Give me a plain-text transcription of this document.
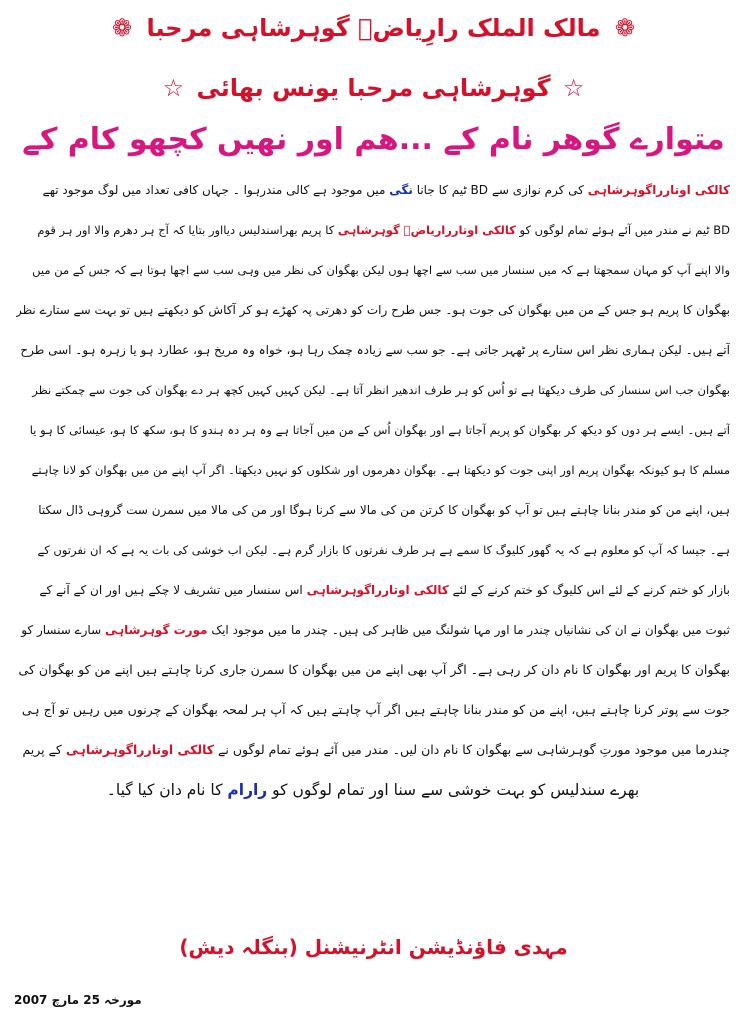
❁ مالک الملک رارِیاضؒ گوہرشاہی مرحبا ❁
☆ گوہرشاہی مرحبا یونس بھائی ☆
متوارے گوھر نام کے ...ھم اور نھیں کچھو کام کے
کالکی اوتارراگوہرشاہی کی کرم نوازی سے BD ٹیم کا جانا نگی میں موجود ہے کالی مندرہوا ۔ جہاں کافی تعداد میں لوگ موجود تھے
BD ٹیم نے مندر میں آئے ہوئے تمام لوگوں کو کالکی اوتارراریاضؒ گوہرشاہی کا پریم بھراسندلیس دیااور بتایا کہ آج ہر دھرم والا اور ہر قوم
والا اپنے آپ کو مہان سمجھتا ہے کہ میں سنسار میں سب سے اچھا ہوں لیکن بھگوان کی نظر میں وہی سب سے اچھا ہوتا ہے کہ جس کے من میں
بھگوان کا پریم ہو جس کے من میں بھگوان کی جوت ہو۔ جس طرح رات کو دھرتی پہ کھڑے ہو کر آکاش کو دیکھتے ہیں تو بہت سے ستارے نظر
آتے ہیں۔ لیکن ہماری نظر اس ستارے پر ٹھہر جاتی ہے۔ جو سب سے زیادہ چمک رہا ہو، خواہ وہ مریخ ہو، عطارد ہو یا زہرہ ہو۔ اسی طرح
بھگوان جب اس سنسار کی طرف دیکھتا ہے تو اُس کو ہر طرف اندھیر انظر آتا ہے۔ لیکن کہیں کہیں کچھ ہر دے بھگوان کی جوت سے چمکتے نظر
آتے ہیں۔ ایسے ہر دوں کو دیکھ کر بھگوان کو پریم آجاتا ہے اور بھگوان اُس کے من میں آجاتا ہے وہ ہر دہ ہندو کا ہو، سکھ کا ہو، عیسائی کا ہو یا
مسلم کا ہو کیونکہ بھگوان پریم اور اپنی جوت کو دیکھتا ہے۔ بھگوان دھرموں اور شکلوں کو نہیں دیکھتا۔ اگر آپ اپنے من میں بھگوان کو لانا چاہتے
ہیں، اپنے من کو مندر بنانا چاہتے ہیں تو آپ کو بھگوان کا کرتن من کی مالا سے کرنا ہوگا اور من کی مالا میں سمرن ست گروہی ڈال سکتا
ہے۔ جیسا کہ آپ کو معلوم ہے کہ یہ گھور کلیوگ کا سمے ہے ہر طرف نفرتوں کا بازار گرم ہے۔ لیکن اب خوشی کی بات یہ ہے کہ ان نفرتوں کے
بازار کو ختم کرنے کے لئے اس کلیوگ کو ختم کرنے کے لئے کالکی اوتارراگوہرشاہی اس سنسار میں تشریف لا چکے ہیں اور ان کے آنے کے
ثبوت میں بھگوان نے ان کی نشانیاں چندر ما اور مہا شولنگ میں ظاہر کی ہیں۔ چندر ما میں موجود ایک مورت گوہرشاہی سارے سنسار کو
بھگوان کا پریم اور بھگوان کا نام دان کر رہی ہے۔ اگر آپ بھی اپنے من میں بھگوان کا سمرن جاری کرنا چاہتے ہیں اپنے من کو بھگوان کی
جوت سے پوتر کرنا چاہتے ہیں، اپنے من کو مندر بنانا چاہتے ہیں اگر آپ چاہتے ہیں کہ آپ ہر لمحہ بھگوان کے چرنوں میں رہیں تو آج ہی
چندرما میں موجود مورتِ گوہرشاہی سے بھگوان کا نام دان لیں۔ مندر میں آئے ہوئے تمام لوگوں نے کالکی اوتارراگوہرشاہی کے پریم
بھرے سندلیس کو بہت خوشی سے سنا اور تمام لوگوں کو رارام کا نام دان کیا گیا۔
مہدی فاؤنڈیشن انٹرنیشنل (بنگلہ دیش)
مورخہ 25 مارچ 2007
